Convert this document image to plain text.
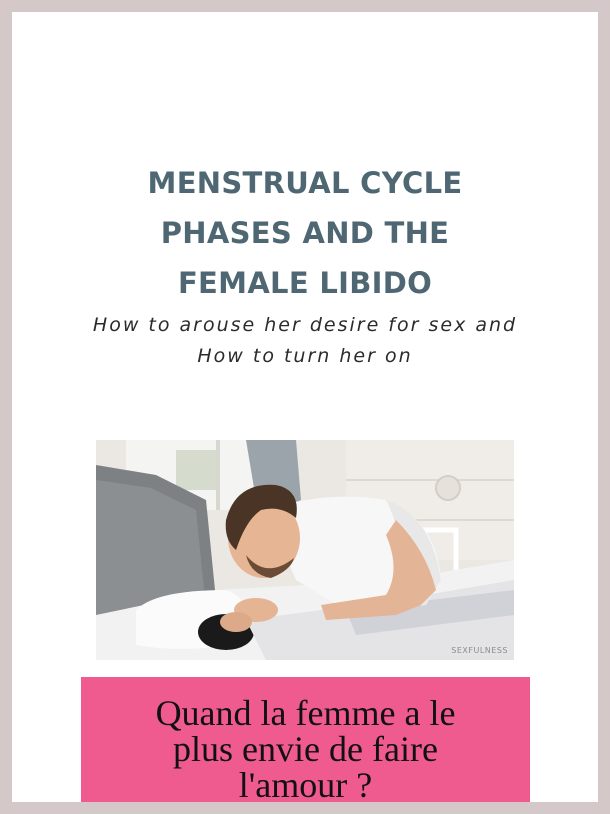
MENSTRUAL CYCLE
PHASES AND THE
FEMALE LIBIDO
How to arouse her desire for sex and
How to turn her on
SEXFULNESS

Quand la femme a le
plus envie de faire
l'amour ?
